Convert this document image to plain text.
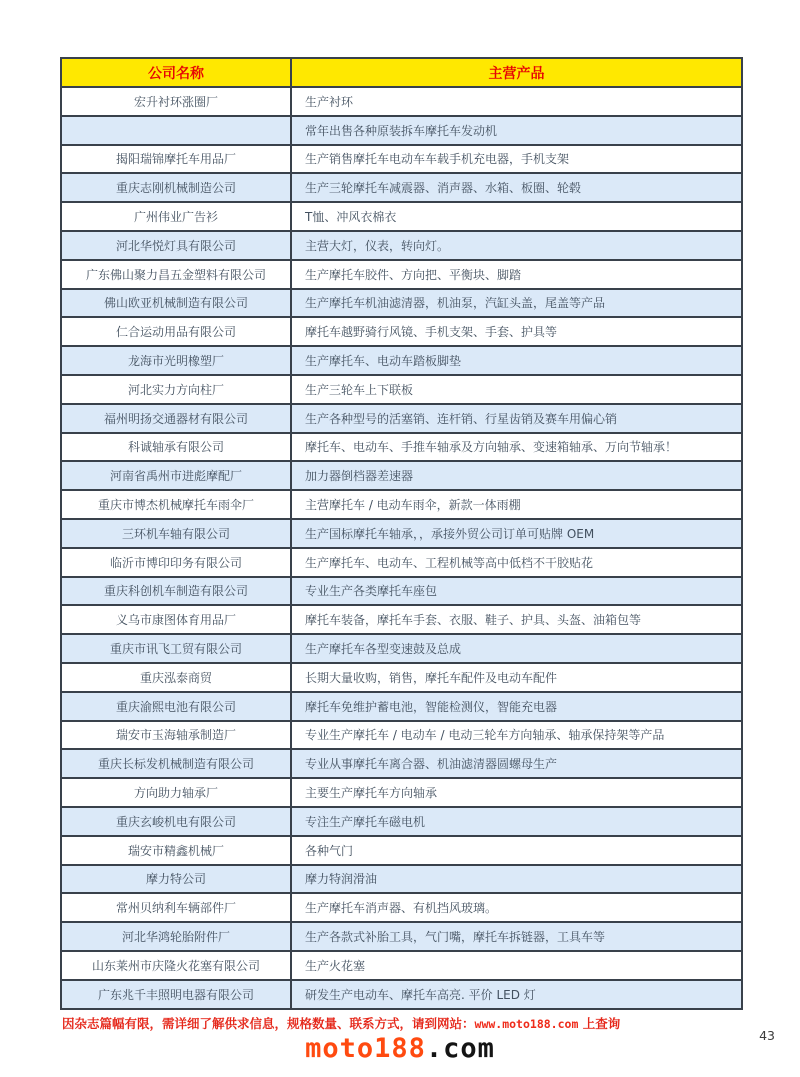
公司名称	主营产品
宏升衬环涨圈厂	生产衬环
	常年出售各种原装拆车摩托车发动机
揭阳瑞锦摩托车用品厂	生产销售摩托车电动车车载手机充电器，手机支架
重庆志刚机械制造公司	生产三轮摩托车减震器、消声器、水箱、板圈、轮毂
广州伟业广告衫	T恤、冲风衣棉衣
河北华悦灯具有限公司	主营大灯，仪表，转向灯。
广东佛山聚力昌五金塑料有限公司	生产摩托车胶件、方向把、平衡块、脚踏
佛山欧亚机械制造有限公司	生产摩托车机油滤清器，机油泵，汽缸头盖，尾盖等产品
仁合运动用品有限公司	摩托车越野骑行风镜、手机支架、手套、护具等
龙海市光明橡塑厂	生产摩托车、电动车踏板脚垫
河北实力方向柱厂	生产三轮车上下联板
福州明扬交通器材有限公司	生产各种型号的活塞销、连杆销、行星齿销及赛车用偏心销
科诚轴承有限公司	摩托车、电动车、手推车轴承及方向轴承、变速箱轴承、万向节轴承！
河南省禹州市进彪摩配厂	加力器倒档器差速器
重庆市博杰机械摩托车雨伞厂	主营摩托车 / 电动车雨伞，新款一体雨棚
三环机车轴有限公司	生产国标摩托车轴承，，承接外贸公司订单可贴牌 OEM
临沂市博印印务有限公司	生产摩托车、电动车、工程机械等高中低档不干胶贴花
重庆科创机车制造有限公司	专业生产各类摩托车座包
义乌市康图体育用品厂	摩托车装备，摩托车手套、衣服、鞋子、护具、头盔、油箱包等
重庆市讯飞工贸有限公司	生产摩托车各型变速鼓及总成
重庆泓泰商贸	长期大量收购，销售，摩托车配件及电动车配件
重庆渝熙电池有限公司	摩托车免维护蓄电池，智能检测仪，智能充电器
瑞安市玉海轴承制造厂	专业生产摩托车 / 电动车 / 电动三轮车方向轴承、轴承保持架等产品
重庆长标发机械制造有限公司	专业从事摩托车离合器、机油滤清器圆螺母生产
方向助力轴承厂	主要生产摩托车方向轴承
重庆玄峻机电有限公司	专注生产摩托车磁电机
瑞安市精鑫机械厂	各种气门
摩力特公司	摩力特润滑油
常州贝纳利车辆部件厂	生产摩托车消声器、有机挡风玻璃。
河北华鸿轮胎附件厂	生产各款式补胎工具，气门嘴，摩托车拆链器，工具车等
山东莱州市庆隆火花塞有限公司	生产火花塞
广东兆千丰照明电器有限公司	研发生产电动车、摩托车高亮. 平价 LED 灯
因杂志篇幅有限，需详细了解供求信息，规格数量、联系方式，请到网站：www.moto188.com 上查询
moto188.com	43
